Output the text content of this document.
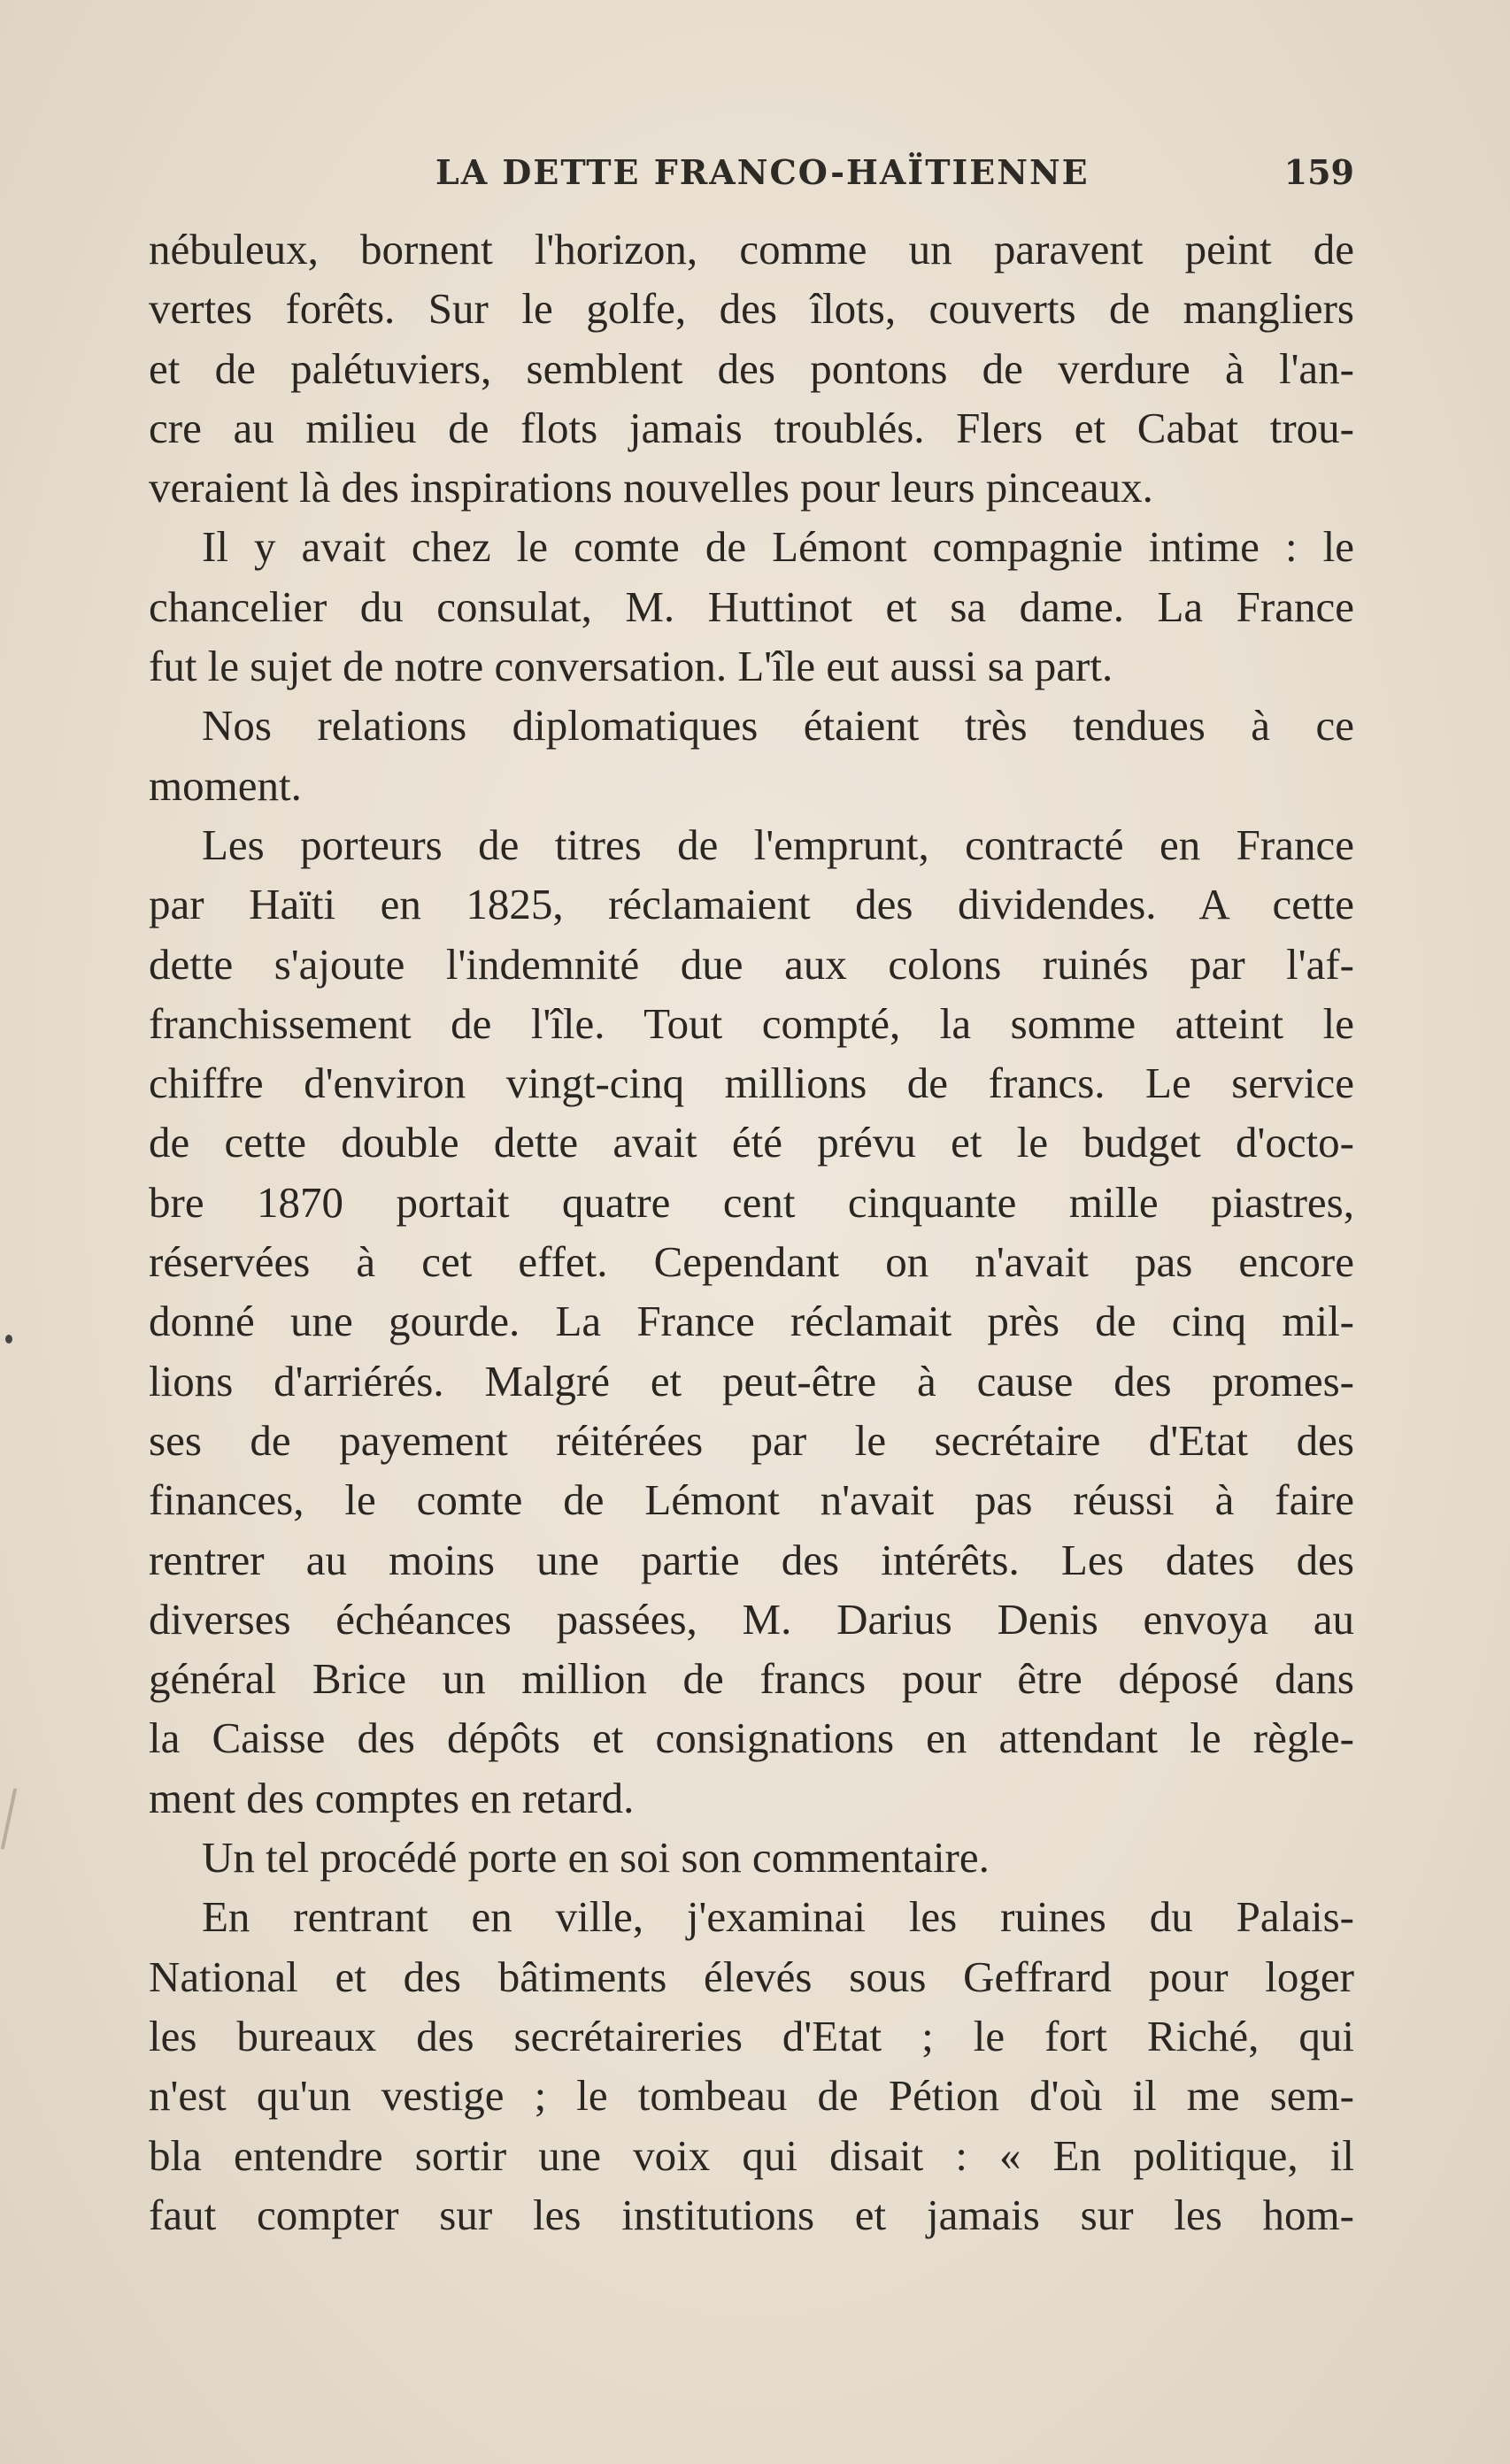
LA DETTE FRANCO-HAÏTIENNE	159
nébuleux, bornent l'horizon, comme un paravent peint de
vertes forêts. Sur le golfe, des îlots, couverts de mangliers
et de palétuviers, semblent des pontons de verdure à l'an-
cre au milieu de flots jamais troublés. Flers et Cabat trou-
veraient là des inspirations nouvelles pour leurs pinceaux.
Il y avait chez le comte de Lémont compagnie intime : le
chancelier du consulat, M. Huttinot et sa dame. La France
fut le sujet de notre conversation. L'île eut aussi sa part.
Nos relations diplomatiques étaient très tendues à ce
moment.
Les porteurs de titres de l'emprunt, contracté en France
par Haïti en 1825, réclamaient des dividendes. A cette
dette s'ajoute l'indemnité due aux colons ruinés par l'af-
franchissement de l'île. Tout compté, la somme atteint le
chiffre d'environ vingt-cinq millions de francs. Le service
de cette double dette avait été prévu et le budget d'octo-
bre 1870 portait quatre cent cinquante mille piastres,
réservées à cet effet. Cependant on n'avait pas encore
donné une gourde. La France réclamait près de cinq mil-
lions d'arriérés. Malgré et peut-être à cause des promes-
ses de payement réitérées par le secrétaire d'Etat des
finances, le comte de Lémont n'avait pas réussi à faire
rentrer au moins une partie des intérêts. Les dates des
diverses échéances passées, M. Darius Denis envoya au
général Brice un million de francs pour être déposé dans
la Caisse des dépôts et consignations en attendant le règle-
ment des comptes en retard.
Un tel procédé porte en soi son commentaire.
En rentrant en ville, j'examinai les ruines du Palais-
National et des bâtiments élevés sous Geffrard pour loger
les bureaux des secrétaireries d'Etat ; le fort Riché, qui
n'est qu'un vestige ; le tombeau de Pétion d'où il me sem-
bla entendre sortir une voix qui disait : « En politique, il
faut compter sur les institutions et jamais sur les hom-
